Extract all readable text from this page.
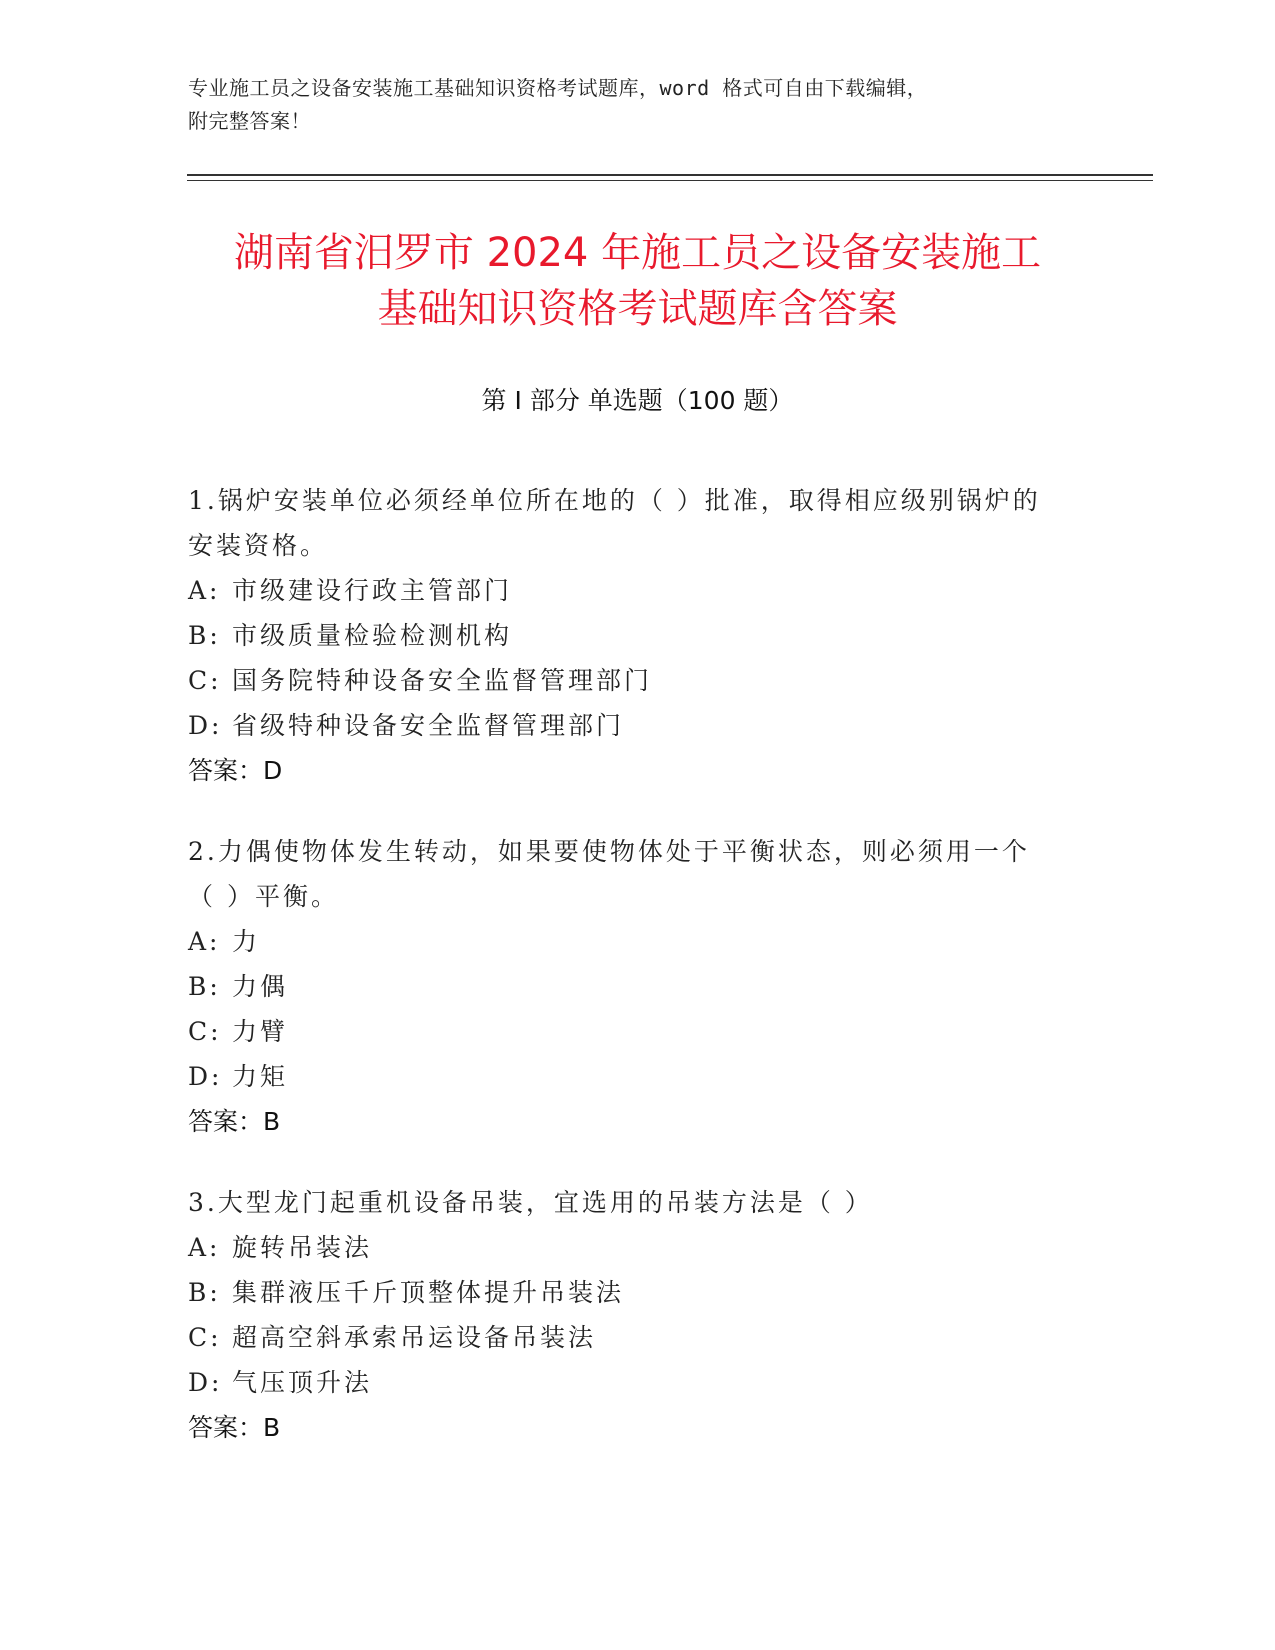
专业施工员之设备安装施工基础知识资格考试题库，word 格式可自由下载编辑，
附完整答案！
湖南省汨罗市 2024 年施工员之设备安装施工
基础知识资格考试题库含答案
第 I 部分 单选题（100 题）

1.锅炉安装单位必须经单位所在地的（ ）批准，取得相应级别锅炉的

安装资格。

A: 市级建设行政主管部门

B: 市级质量检验检测机构

C: 国务院特种设备安全监督管理部门

D: 省级特种设备安全监督管理部门

答案：D

2.力偶使物体发生转动，如果要使物体处于平衡状态，则必须用一个

（ ）平衡。

A: 力

B: 力偶

C: 力臂

D: 力矩

答案：B

3.大型龙门起重机设备吊装，宜选用的吊装方法是（ ）

A: 旋转吊装法

B: 集群液压千斤顶整体提升吊装法

C: 超高空斜承索吊运设备吊装法

D: 气压顶升法

答案：B
